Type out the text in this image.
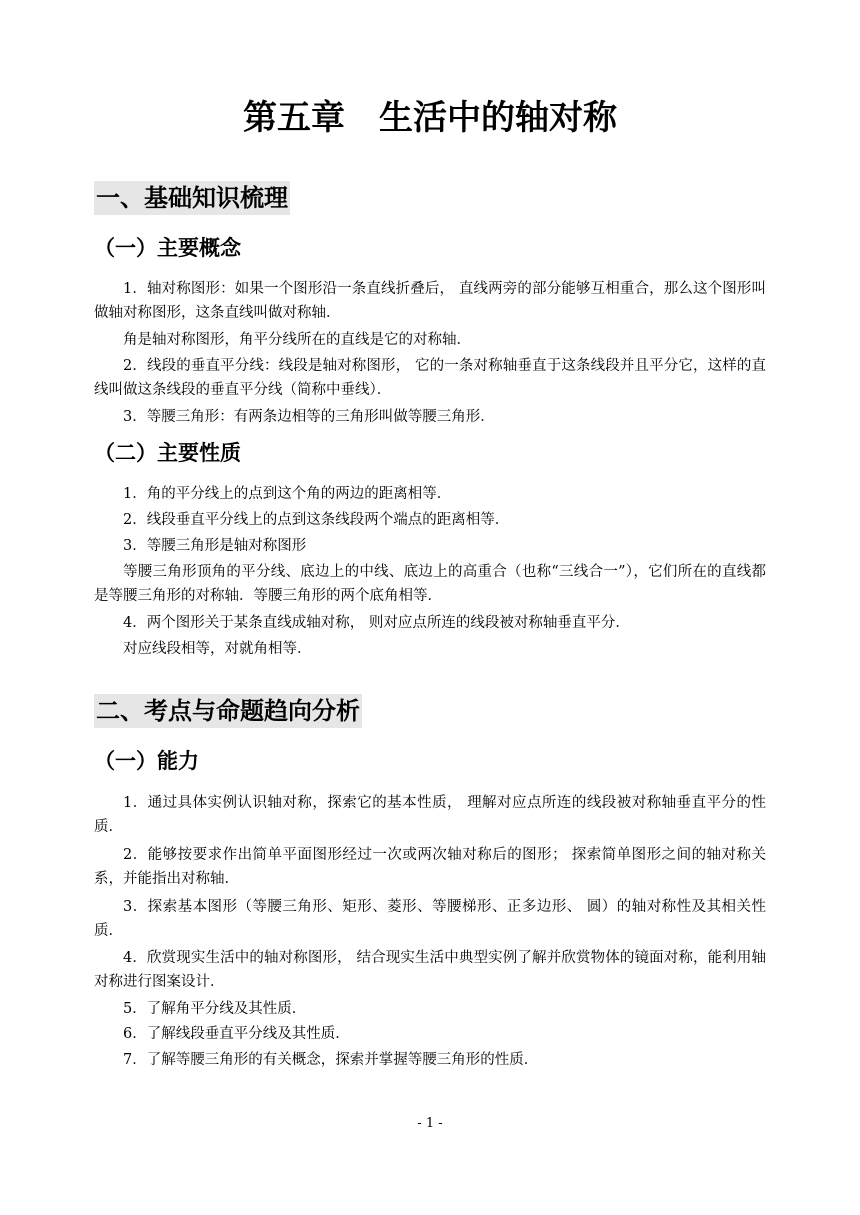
第五章　生活中的轴对称
一、基础知识梳理
（一）主要概念

1．轴对称图形：如果一个图形沿一条直线折叠后， 直线两旁的部分能够互相重合，那么这个图形叫做轴对称图形，这条直线叫做对称轴．

角是轴对称图形，角平分线所在的直线是它的对称轴．

2．线段的垂直平分线：线段是轴对称图形， 它的一条对称轴垂直于这条线段并且平分它，这样的直线叫做这条线段的垂直平分线（简称中垂线）．

3．等腰三角形：有两条边相等的三角形叫做等腰三角形．

（二）主要性质

1．角的平分线上的点到这个角的两边的距离相等．

2．线段垂直平分线上的点到这条线段两个端点的距离相等．

3．等腰三角形是轴对称图形

等腰三角形顶角的平分线、底边上的中线、底边上的高重合（也称“三线合一”），它们所在的直线都是等腰三角形的对称轴．等腰三角形的两个底角相等．

4．两个图形关于某条直线成轴对称， 则对应点所连的线段被对称轴垂直平分．

对应线段相等，对就角相等．

二、考点与命题趋向分析
（一）能力

1．通过具体实例认识轴对称，探索它的基本性质， 理解对应点所连的线段被对称轴垂直平分的性质．

2．能够按要求作出简单平面图形经过一次或两次轴对称后的图形； 探索简单图形之间的轴对称关系，并能指出对称轴．

3．探索基本图形（等腰三角形、矩形、菱形、等腰梯形、正多边形、 圆）的轴对称性及其相关性质．

4．欣赏现实生活中的轴对称图形， 结合现实生活中典型实例了解并欣赏物体的镜面对称，能利用轴对称进行图案设计．

5．了解角平分线及其性质．

6．了解线段垂直平分线及其性质．

7．了解等腰三角形的有关概念，探索并掌握等腰三角形的性质．

- 1 -
